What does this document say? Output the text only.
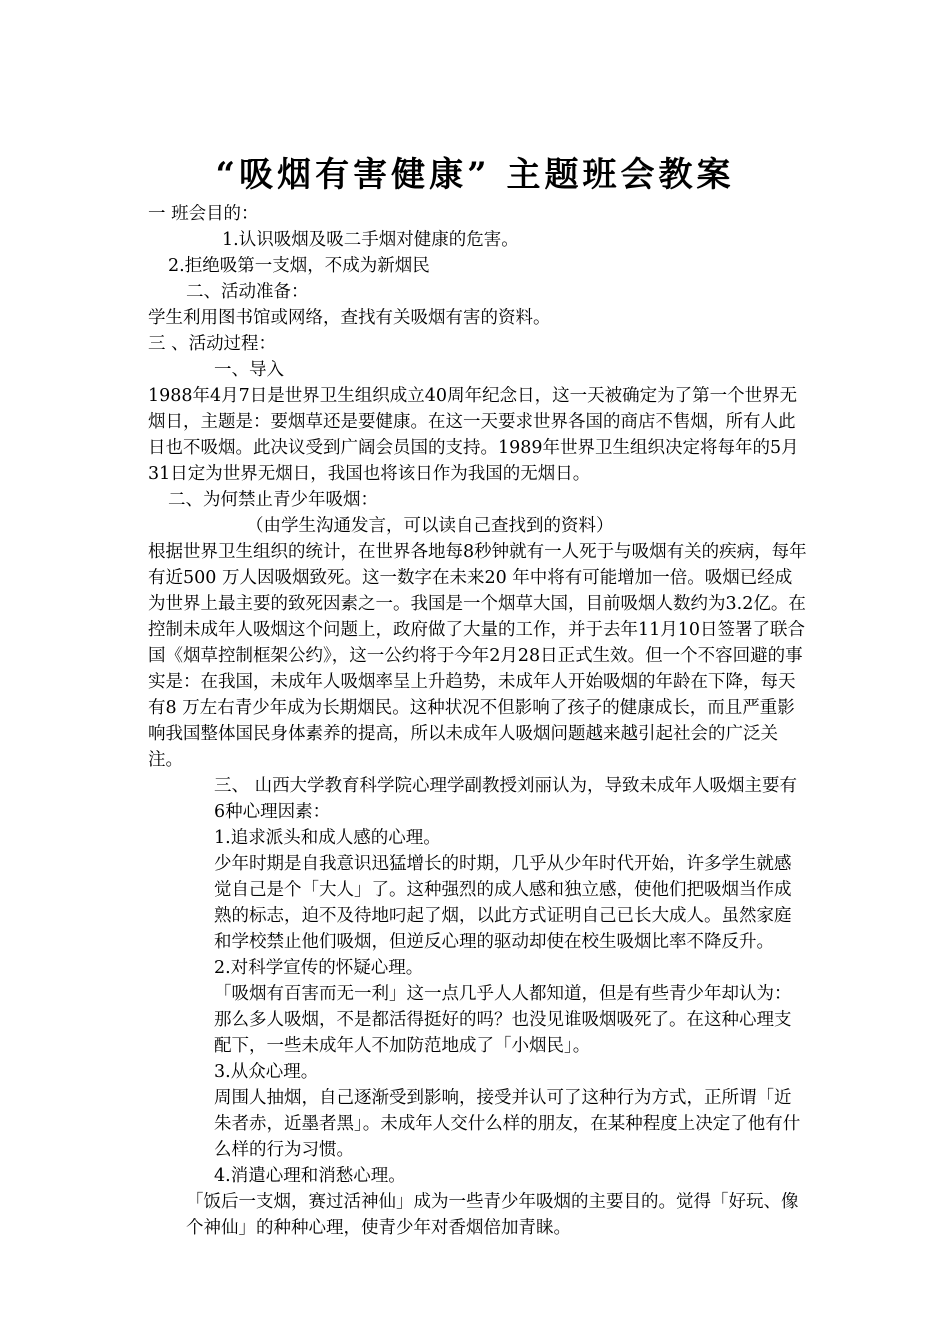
“吸烟有害健康” 主题班会教案

一 班会目的：

1.认识吸烟及吸二手烟对健康的危害。

2.拒绝吸第一支烟，不成为新烟民

二、活动准备：

学生利用图书馆或网络，查找有关吸烟有害的资料。

三 、活动过程：

一、导入

1988年4月7日是世界卫生组织成立40周年纪念日，这一天被确定为了第一个世界无烟日，主题是：要烟草还是要健康。在这一天要求世界各国的商店不售烟，所有人此日也不吸烟。此决议受到广阔会员国的支持。1989年世界卫生组织决定将每年的5月31日定为世界无烟日，我国也将该日作为我国的无烟日。

二、为何禁止青少年吸烟：

（由学生沟通发言，可以读自己查找到的资料）

根据世界卫生组织的统计，在世界各地每8秒钟就有一人死于与吸烟有关的疾病，每年有近500 万人因吸烟致死。这一数字在未来20 年中将有可能增加一倍。吸烟已经成为世界上最主要的致死因素之一。我国是一个烟草大国，目前吸烟人数约为3.2亿。在控制未成年人吸烟这个问题上，政府做了大量的工作，并于去年11月10日签署了联合国《烟草控制框架公约》，这一公约将于今年2月28日正式生效。但一个不容回避的事实是：在我国，未成年人吸烟率呈上升趋势，未成年人开始吸烟的年龄在下降，每天有8 万左右青少年成为长期烟民。这种状况不但影响了孩子的健康成长，而且严重影响我国整体国民身体素养的提高，所以未成年人吸烟问题越来越引起社会的广泛关注。

三、 山西大学教育科学院心理学副教授刘丽认为，导致未成年人吸烟主要有6种心理因素：

1.追求派头和成人感的心理。

少年时期是自我意识迅猛增长的时期，几乎从少年时代开始，许多学生就感觉自己是个「大人」了。这种强烈的成人感和独立感，使他们把吸烟当作成熟的标志，迫不及待地叼起了烟，以此方式证明自己已长大成人。虽然家庭和学校禁止他们吸烟，但逆反心理的驱动却使在校生吸烟比率不降反升。

2.对科学宣传的怀疑心理。

「吸烟有百害而无一利」这一点几乎人人都知道，但是有些青少年却认为：那么多人吸烟，不是都活得挺好的吗？也没见谁吸烟吸死了。在这种心理支配下，一些未成年人不加防范地成了「小烟民」。

3.从众心理。

周围人抽烟，自己逐渐受到影响，接受并认可了这种行为方式，正所谓「近朱者赤，近墨者黑」。未成年人交什么样的朋友，在某种程度上决定了他有什么样的行为习惯。

4.消遣心理和消愁心理。

「饭后一支烟，赛过活神仙」成为一些青少年吸烟的主要目的。觉得「好玩、像个神仙」的种种心理，使青少年对香烟倍加青睐。
